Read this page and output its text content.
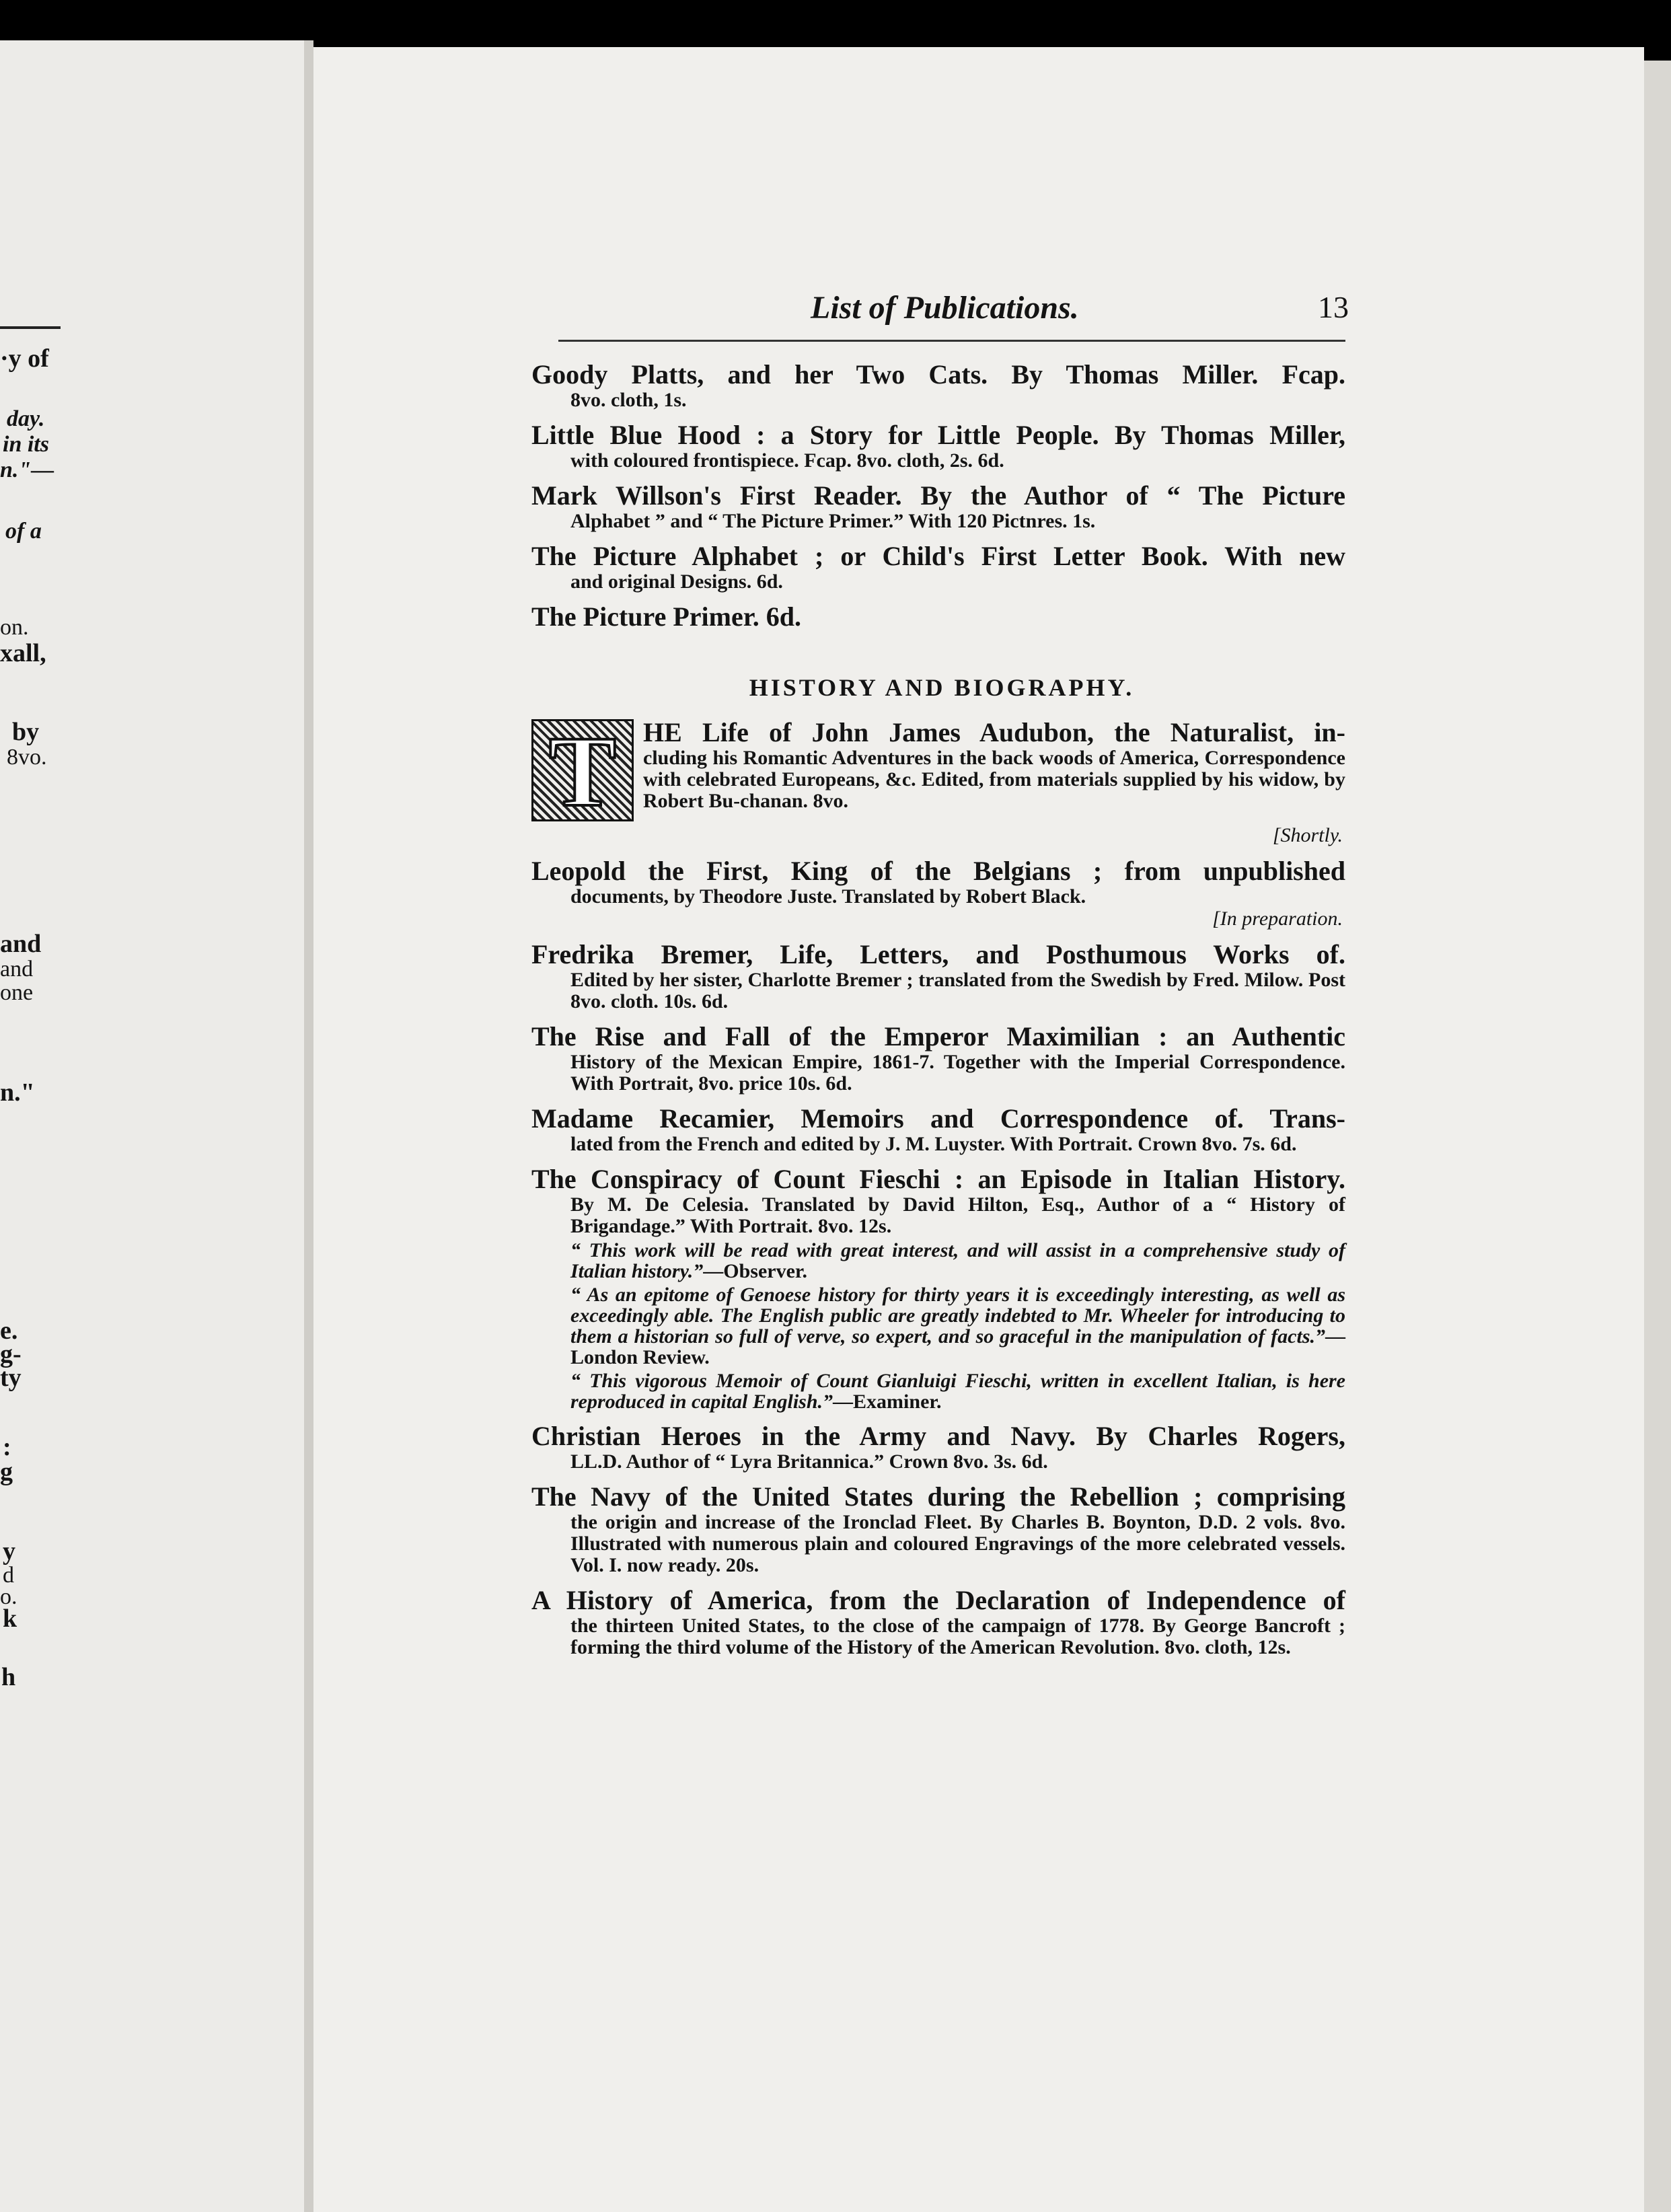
·y of
day.
in its
n."—
of a
on.
xall,
by
8vo.
and
and
one
n."
e.
g-
ty
:
g
y
d
o.
k
h
List of Publications.	13
Goody Platts, and her Two Cats. By Thomas Miller. Fcap.
8vo. cloth, 1s.
Little Blue Hood : a Story for Little People. By Thomas Miller,
with coloured frontispiece. Fcap. 8vo. cloth, 2s. 6d.
Mark Willson's First Reader. By the Author of “ The Picture
Alphabet ” and “ The Picture Primer.” With 120 Pictnres. 1s.
The Picture Alphabet ; or Child's First Letter Book. With new
and original Designs. 6d.
The Picture Primer. 6d.
HISTORY AND BIOGRAPHY.
T HE Life of John James Audubon, the Naturalist, in-
cluding his Romantic Adventures in the back woods of America, Correspondence with celebrated Europeans, &c. Edited, from materials supplied by his widow, by Robert Bu-chanan. 8vo.
[Shortly.
Leopold the First, King of the Belgians ; from unpublished
documents, by Theodore Juste. Translated by Robert Black.
[In preparation.
Fredrika Bremer, Life, Letters, and Posthumous Works of.
Edited by her sister, Charlotte Bremer ; translated from the Swedish by Fred. Milow. Post 8vo. cloth. 10s. 6d.
The Rise and Fall of the Emperor Maximilian : an Authentic
History of the Mexican Empire, 1861-7. Together with the Imperial Correspondence. With Portrait, 8vo. price 10s. 6d.
Madame Recamier, Memoirs and Correspondence of. Trans-
lated from the French and edited by J. M. Luyster. With Portrait. Crown 8vo. 7s. 6d.
The Conspiracy of Count Fieschi : an Episode in Italian History.
By M. De Celesia. Translated by David Hilton, Esq., Author of a “ History of Brigandage.” With Portrait. 8vo. 12s.
“ This work will be read with great interest, and will assist in a comprehensive study of Italian history.”—Observer.
“ As an epitome of Genoese history for thirty years it is exceedingly interesting, as well as exceedingly able. The English public are greatly indebted to Mr. Wheeler for introducing to them a historian so full of verve, so expert, and so graceful in the manipulation of facts.”—London Review.
“ This vigorous Memoir of Count Gianluigi Fieschi, written in excellent Italian, is here reproduced in capital English.”—Examiner.
Christian Heroes in the Army and Navy. By Charles Rogers,
LL.D. Author of “ Lyra Britannica.” Crown 8vo. 3s. 6d.
The Navy of the United States during the Rebellion ; comprising
the origin and increase of the Ironclad Fleet. By Charles B. Boynton, D.D. 2 vols. 8vo. Illustrated with numerous plain and coloured Engravings of the more celebrated vessels. Vol. I. now ready. 20s.
A History of America, from the Declaration of Independence of
the thirteen United States, to the close of the campaign of 1778. By George Bancroft ; forming the third volume of the History of the American Revolution. 8vo. cloth, 12s.
